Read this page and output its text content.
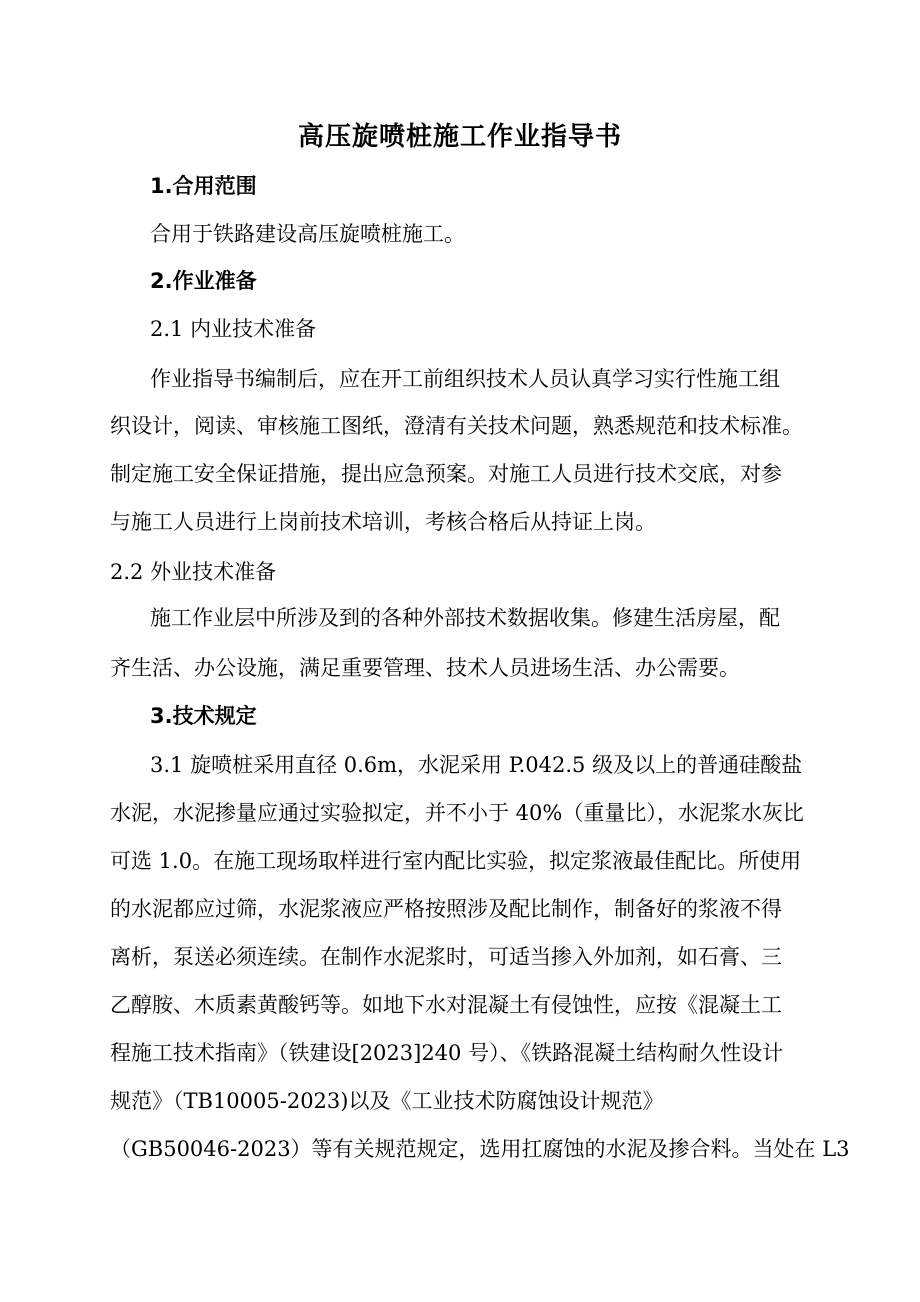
高压旋喷桩施工作业指导书
1.合用范围
合用于铁路建设高压旋喷桩施工。
2.作业准备
2.1 内业技术准备
作业指导书编制后，应在开工前组织技术人员认真学习实行性施工组
织设计，阅读、审核施工图纸，澄清有关技术问题，熟悉规范和技术标准。
制定施工安全保证措施，提出应急预案。对施工人员进行技术交底，对参
与施工人员进行上岗前技术培训，考核合格后从持证上岗。
2.2 外业技术准备
施工作业层中所涉及到的各种外部技术数据收集。修建生活房屋，配
齐生活、办公设施，满足重要管理、技术人员进场生活、办公需要。
3.技术规定
3.1 旋喷桩采用直径 0.6m，水泥采用 P.042.5 级及以上的普通硅酸盐
水泥，水泥掺量应通过实验拟定，并不小于 40%（重量比），水泥浆水灰比
可选 1.0。在施工现场取样进行室内配比实验，拟定浆液最佳配比。所使用
的水泥都应过筛，水泥浆液应严格按照涉及配比制作，制备好的浆液不得
离析，泵送必须连续。在制作水泥浆时，可适当掺入外加剂，如石膏、三
乙醇胺、木质素黄酸钙等。如地下水对混凝土有侵蚀性，应按《混凝土工
程施工技术指南》（铁建设[2023]240 号）、《铁路混凝土结构耐久性设计
规范》（TB10005-2023)以及《工业技术防腐蚀设计规范》
（GB50046-2023）等有关规范规定，选用扛腐蚀的水泥及掺合料。当处在 L3
